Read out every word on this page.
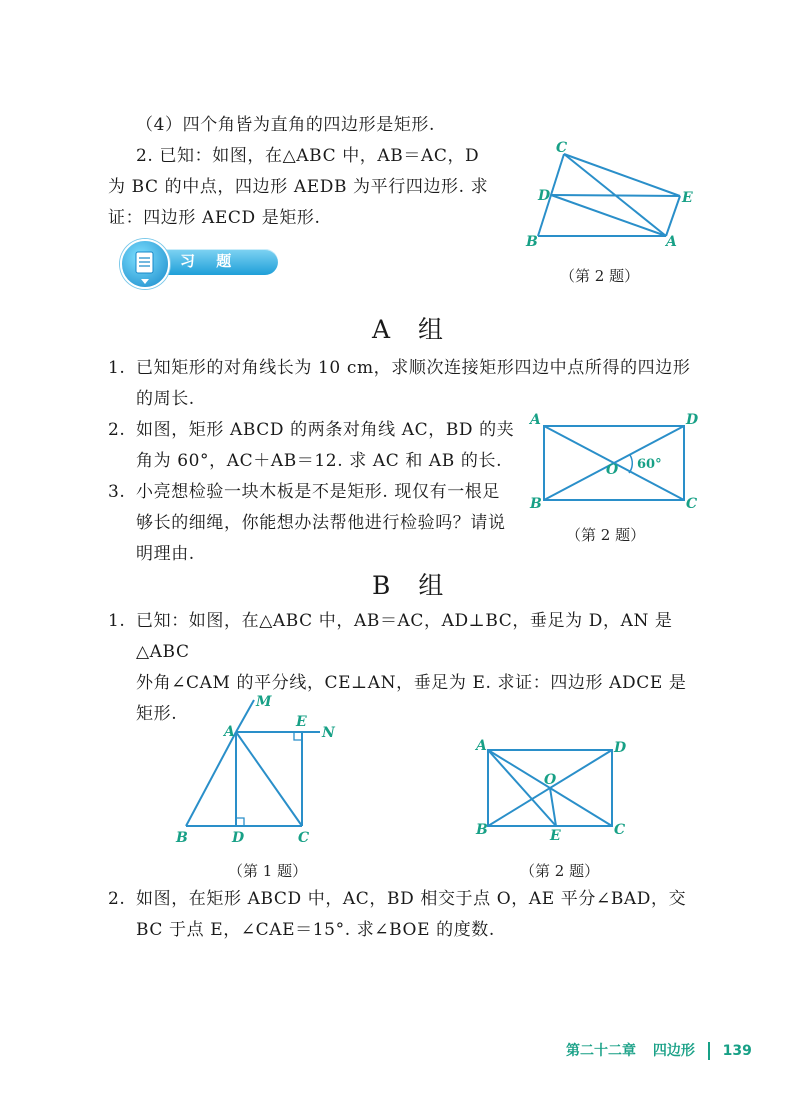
（4）四个角皆为直角的四边形是矩形.
2. 已知：如图，在△ABC 中，AB＝AC，D
为 BC 的中点，四边形 AEDB 为平行四边形. 求
证：四边形 AECD 是矩形.
C
D	E
B	A
（第 2 题）
习 题
A 组
1. 已知矩形的对角线长为 10 cm，求顺次连接矩形四边中点所得的四边形
的周长.
2. 如图，矩形 ABCD 的两条对角线 AC，BD 的夹
角为 60°，AC＋AB＝12. 求 AC 和 AB 的长.
3. 小亮想检验一块木板是不是矩形. 现仅有一根足
够长的细绳，你能想办法帮他进行检验吗？请说
明理由.
A	D
B	C
O 60°
（第 2 题）
B 组
1. 已知：如图，在△ABC 中，AB＝AC，AD⊥BC，垂足为 D，AN 是△ABC
外角∠CAM 的平分线，CE⊥AN，垂足为 E. 求证：四边形 ADCE 是
矩形.
M
A
E
N
B	D	C
（第 1 题）
A	D
O
B	E	C
（第 2 题）
2. 如图，在矩形 ABCD 中，AC，BD 相交于点 O，AE 平分∠BAD，交
BC 于点 E，∠CAE＝15°. 求∠BOE 的度数.
第二十二章 四边形 139
